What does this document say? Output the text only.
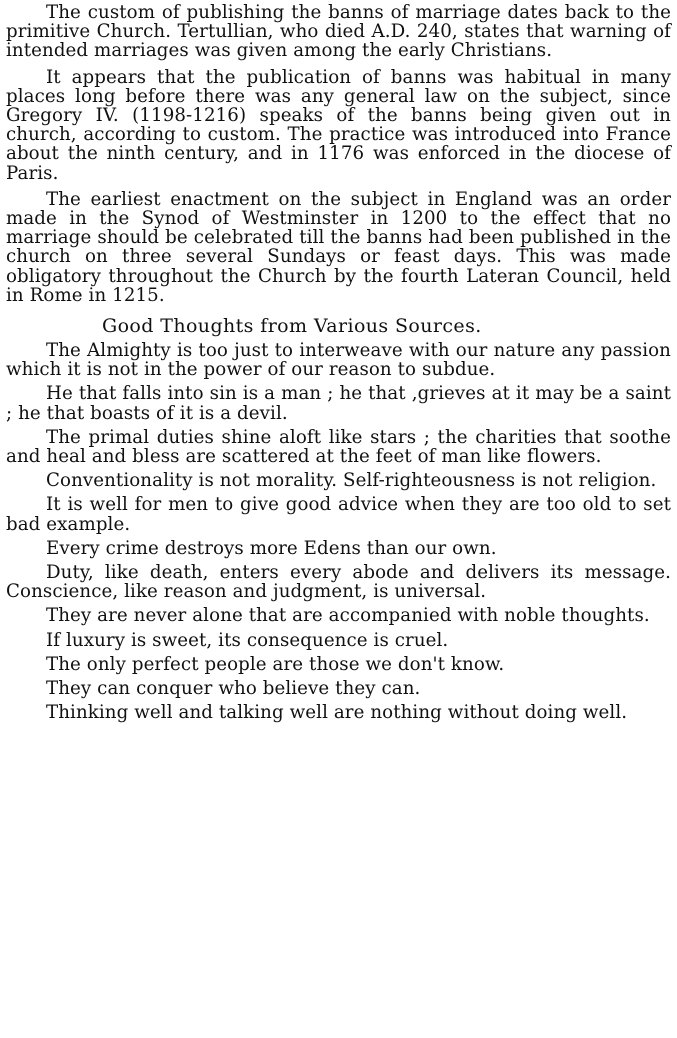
The custom of publishing the banns of marriage dates back to the primitive Church. Tertullian, who died A.D. 240, states that warning of intended marriages was given among the early Christians.

It appears that the publication of banns was habitual in many places long before there was any general law on the subject, since Gregory IV. (1198-1216) speaks of the banns being given out in church, according to custom. The practice was introduced into France about the ninth century, and in 1176 was enforced in the diocese of Paris.

The earliest enactment on the subject in England was an order made in the Synod of Westminster in 1200 to the effect that no marriage should be celebrated till the banns had been published in the church on three several Sundays or feast days. This was made obligatory throughout the Church by the fourth Lateran Council, held in Rome in 1215.

Good Thoughts from Various Sources.

The Almighty is too just to interweave with our nature any passion which it is not in the power of our reason to subdue.

He that falls into sin is a man ; he that ,grieves at it may be a saint ; he that boasts of it is a devil.

The primal duties shine aloft like stars ; the charities that soothe and heal and bless are scattered at the feet of man like flowers.

Conventionality is not morality. Self-righteousness is not religion.

It is well for men to give good advice when they are too old to set bad example.

Every crime destroys more Edens than our own.

Duty, like death, enters every abode and delivers its message. Conscience, like reason and judgment, is universal.

They are never alone that are accompanied with noble thoughts.

If luxury is sweet, its consequence is cruel.

The only perfect people are those we don't know.

They can conquer who believe they can.

Thinking well and talking well are nothing without doing well.
